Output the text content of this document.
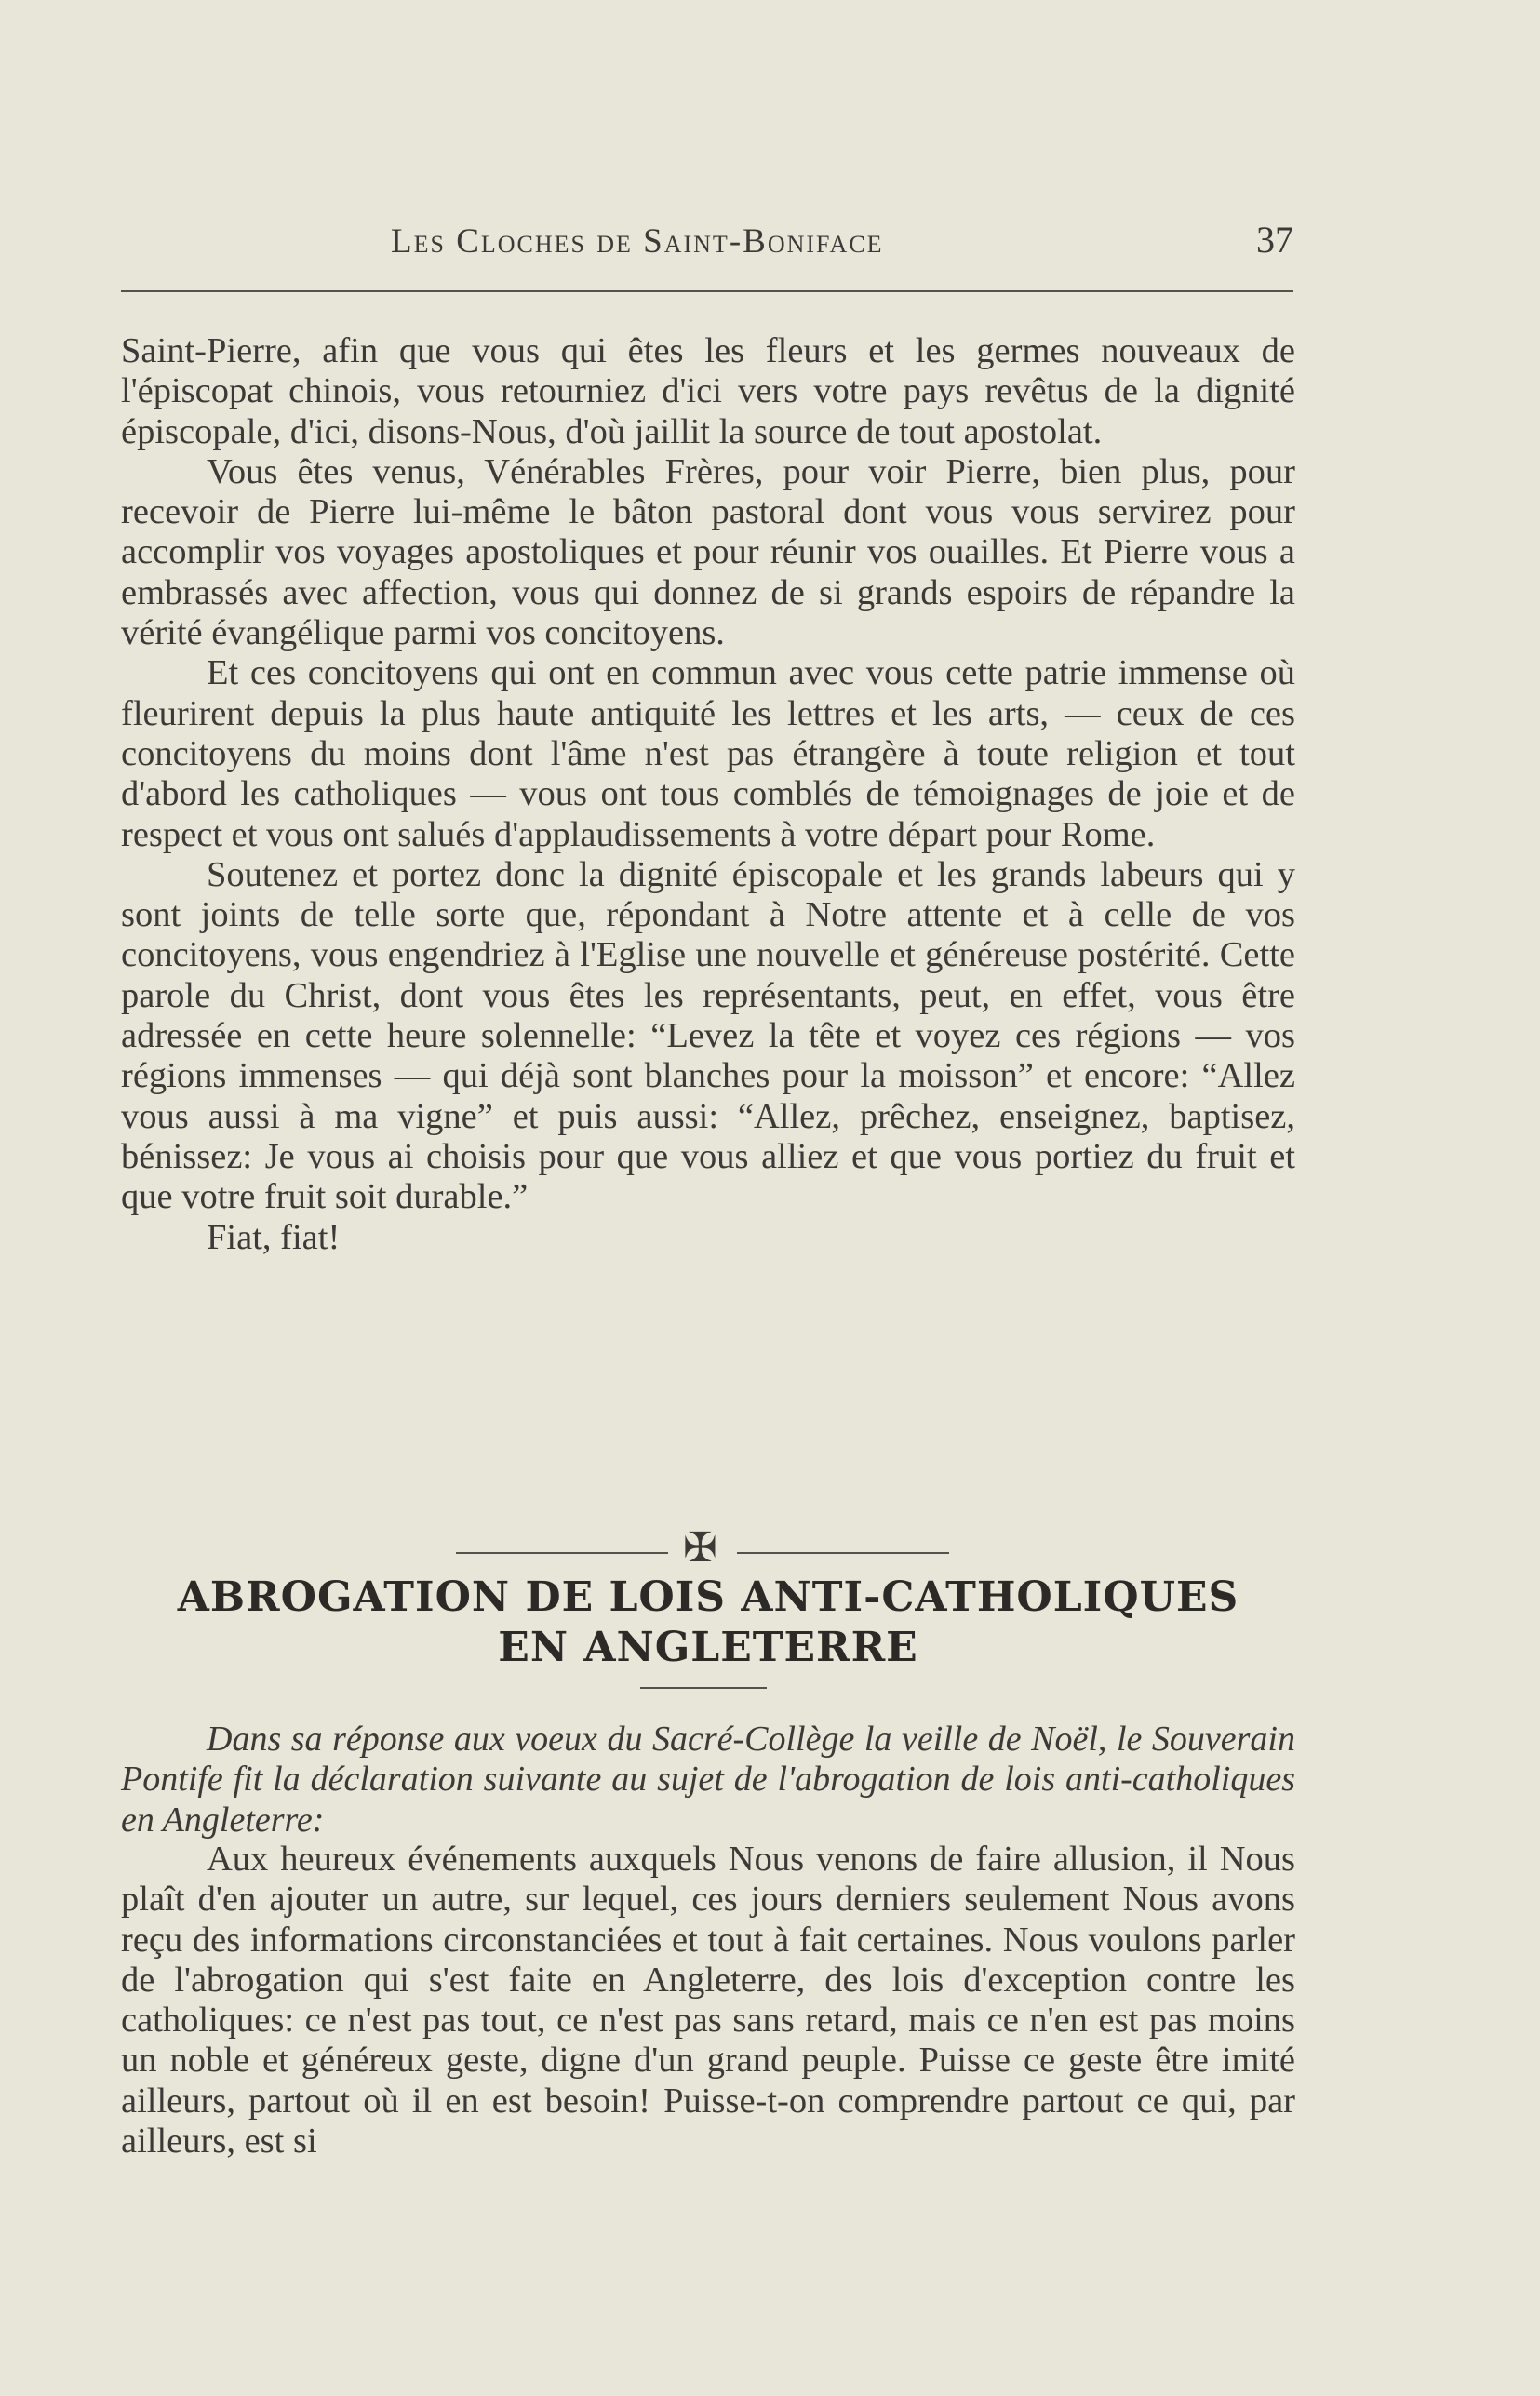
Les Cloches de Saint-Boniface	37

Saint-Pierre, afin que vous qui êtes les fleurs et les germes nouveaux de l'épiscopat chinois, vous retourniez d'ici vers votre pays revêtus de la dignité épiscopale, d'ici, disons-Nous, d'où jaillit la source de tout apostolat.

Vous êtes venus, Vénérables Frères, pour voir Pierre, bien plus, pour recevoir de Pierre lui-même le bâton pastoral dont vous vous servirez pour accomplir vos voyages apostoliques et pour réunir vos ouailles. Et Pierre vous a embrassés avec affection, vous qui donnez de si grands espoirs de répandre la vérité évangélique parmi vos concitoyens.

Et ces concitoyens qui ont en commun avec vous cette patrie immense où fleurirent depuis la plus haute antiquité les lettres et les arts, — ceux de ces concitoyens du moins dont l'âme n'est pas étrangère à toute religion et tout d'abord les catholiques — vous ont tous comblés de témoignages de joie et de respect et vous ont salués d'applaudissements à votre départ pour Rome.

Soutenez et portez donc la dignité épiscopale et les grands labeurs qui y sont joints de telle sorte que, répondant à Notre attente et à celle de vos concitoyens, vous engendriez à l'Eglise une nouvelle et généreuse postérité. Cette parole du Christ, dont vous êtes les représentants, peut, en effet, vous être adressée en cette heure solennelle: “Levez la tête et voyez ces régions — vos régions immenses — qui déjà sont blanches pour la moisson” et encore: “Allez vous aussi à ma vigne” et puis aussi: “Allez, prêchez, enseignez, baptisez, bénissez: Je vous ai choisis pour que vous alliez et que vous portiez du fruit et que votre fruit soit durable.”

Fiat, fiat!

✠
ABROGATION DE LOIS ANTI-CATHOLIQUES
EN ANGLETERRE

Dans sa réponse aux voeux du Sacré-Collège la veille de Noël, le Souverain Pontife fit la déclaration suivante au sujet de l'abrogation de lois anti-catholiques en Angleterre:

Aux heureux événements auxquels Nous venons de faire allusion, il Nous plaît d'en ajouter un autre, sur lequel, ces jours derniers seulement Nous avons reçu des informations circonstanciées et tout à fait certaines. Nous voulons parler de l'abrogation qui s'est faite en Angleterre, des lois d'exception contre les catholiques: ce n'est pas tout, ce n'est pas sans retard, mais ce n'en est pas moins un noble et généreux geste, digne d'un grand peuple. Puisse ce geste être imité ailleurs, partout où il en est besoin! Puisse-t-on comprendre partout ce qui, par ailleurs, est si
